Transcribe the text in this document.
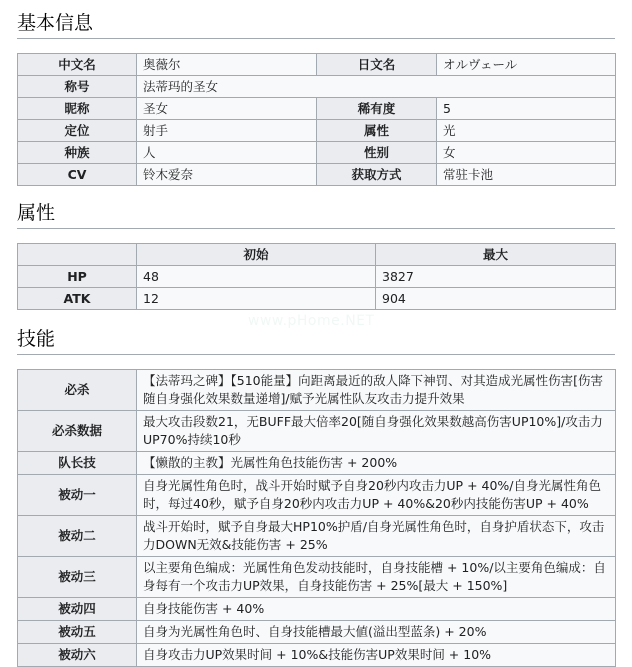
基本信息
中文名	奥薇尔	日文名	オルヴェール
称号	法蒂玛的圣女		
昵称	圣女	稀有度	5
定位	射手	属性	光
种族	人	性别	女
CV	铃木爱奈	获取方式	常驻卡池
属性
	初始	最大
HP	48	3827
ATK	12	904
www.pHome.NET
技能
必杀	【法蒂玛之碑】【510能量】向距离最近的敌人降下神罚、对其造成光属性伤害[伤害随自身强化效果数量递增]/赋予光属性队友攻击力提升效果
必杀数据	最大攻击段数21，无BUFF最大倍率20[随自身强化效果数越高伤害UP10%]/攻击力UP70%持续10秒
队长技	【懒散的主教】光属性角色技能伤害 + 200%
被动一	自身光属性角色时，战斗开始时赋予自身20秒内攻击力UP + 40%/自身光属性角色时，每过40秒，赋予自身20秒内攻击力UP + 40%&20秒内技能伤害UP + 40%
被动二	战斗开始时，赋予自身最大HP10%护盾/自身光属性角色时，自身护盾状态下，攻击力DOWN无效&技能伤害 + 25%
被动三	以主要角色编成：光属性角色发动技能时，自身技能槽 + 10%/以主要角色编成：自身每有一个攻击力UP效果，自身技能伤害 + 25%[最大 + 150%]
被动四	自身技能伤害 + 40%
被动五	自身为光属性角色时、自身技能槽最大値(溢出型蓝条) + 20%
被动六	自身攻击力UP效果时间 + 10%&技能伤害UP效果时间 + 10%
